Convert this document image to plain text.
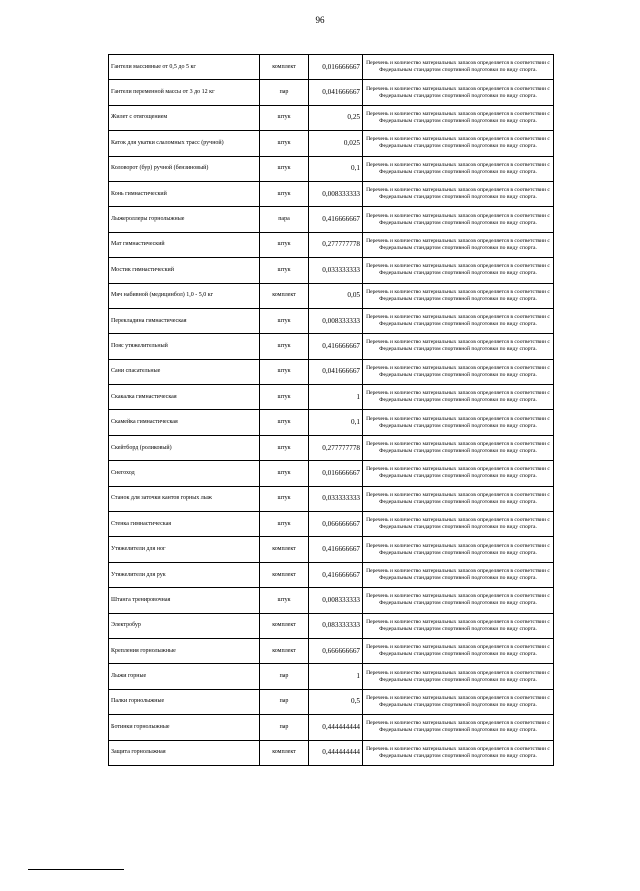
96
Гантели массивные от 0,5 до 5 кг	комплект	0,016666667	Перечень и количество материальных запасов определяется в соответствии с Федеральным стандартом спортивной подготовки по виду спорта.
Гантели переменной массы от 3 до 12 кг	пар	0,041666667	Перечень и количество материальных запасов определяется в соответствии с Федеральным стандартом спортивной подготовки по виду спорта.
Жилет с отягощением	штук	0,25	Перечень и количество материальных запасов определяется в соответствии с Федеральным стандартом спортивной подготовки по виду спорта.
Каток для укатки слаломных трасс (ручной)	штук	0,025	Перечень и количество материальных запасов определяется в соответствии с Федеральным стандартом спортивной подготовки по виду спорта.
Коловорот (бур) ручной (бензиновый)	штук	0,1	Перечень и количество материальных запасов определяется в соответствии с Федеральным стандартом спортивной подготовки по виду спорта.
Конь гимнастический	штук	0,008333333	Перечень и количество материальных запасов определяется в соответствии с Федеральным стандартом спортивной подготовки по виду спорта.
Лыжероллеры горнолыжные	пара	0,416666667	Перечень и количество материальных запасов определяется в соответствии с Федеральным стандартом спортивной подготовки по виду спорта.
Мат гимнастический	штук	0,277777778	Перечень и количество материальных запасов определяется в соответствии с Федеральным стандартом спортивной подготовки по виду спорта.
Мостик гимнастический	штук	0,033333333	Перечень и количество материальных запасов определяется в соответствии с Федеральным стандартом спортивной подготовки по виду спорта.
Мяч набивной (медицинбол) 1,0 - 5,0 кг	комплект	0,05	Перечень и количество материальных запасов определяется в соответствии с Федеральным стандартом спортивной подготовки по виду спорта.
Перекладина гимнастическая	штук	0,008333333	Перечень и количество материальных запасов определяется в соответствии с Федеральным стандартом спортивной подготовки по виду спорта.
Пояс утяжелительный	штук	0,416666667	Перечень и количество материальных запасов определяется в соответствии с Федеральным стандартом спортивной подготовки по виду спорта.
Сани спасательные	штук	0,041666667	Перечень и количество материальных запасов определяется в соответствии с Федеральным стандартом спортивной подготовки по виду спорта.
Скакалка гимнастическая	штук	1	Перечень и количество материальных запасов определяется в соответствии с Федеральным стандартом спортивной подготовки по виду спорта.
Скамейка гимнастическая	штук	0,1	Перечень и количество материальных запасов определяется в соответствии с Федеральным стандартом спортивной подготовки по виду спорта.
Скейтборд (роликовый)	штук	0,277777778	Перечень и количество материальных запасов определяется в соответствии с Федеральным стандартом спортивной подготовки по виду спорта.
Снегоход	штук	0,016666667	Перечень и количество материальных запасов определяется в соответствии с Федеральным стандартом спортивной подготовки по виду спорта.
Станок для заточки кантов горных лыж	штук	0,033333333	Перечень и количество материальных запасов определяется в соответствии с Федеральным стандартом спортивной подготовки по виду спорта.
Стенка гимнастическая	штук	0,066666667	Перечень и количество материальных запасов определяется в соответствии с Федеральным стандартом спортивной подготовки по виду спорта.
Утяжелители для ног	комплект	0,416666667	Перечень и количество материальных запасов определяется в соответствии с Федеральным стандартом спортивной подготовки по виду спорта.
Утяжелители для рук	комплект	0,416666667	Перечень и количество материальных запасов определяется в соответствии с Федеральным стандартом спортивной подготовки по виду спорта.
Штанга тренировочная	штук	0,008333333	Перечень и количество материальных запасов определяется в соответствии с Федеральным стандартом спортивной подготовки по виду спорта.
Электробур	комплект	0,083333333	Перечень и количество материальных запасов определяется в соответствии с Федеральным стандартом спортивной подготовки по виду спорта.
Крепления горнолыжные	комплект	0,666666667	Перечень и количество материальных запасов определяется в соответствии с Федеральным стандартом спортивной подготовки по виду спорта.
Лыжи горные	пар	1	Перечень и количество материальных запасов определяется в соответствии с Федеральным стандартом спортивной подготовки по виду спорта.
Палки горнолыжные	пар	0,5	Перечень и количество материальных запасов определяется в соответствии с Федеральным стандартом спортивной подготовки по виду спорта.
Ботинки горнолыжные	пар	0,444444444	Перечень и количество материальных запасов определяется в соответствии с Федеральным стандартом спортивной подготовки по виду спорта.
Защита горнолыжная	комплект	0,444444444	Перечень и количество материальных запасов определяется в соответствии с Федеральным стандартом спортивной подготовки по виду спорта.
